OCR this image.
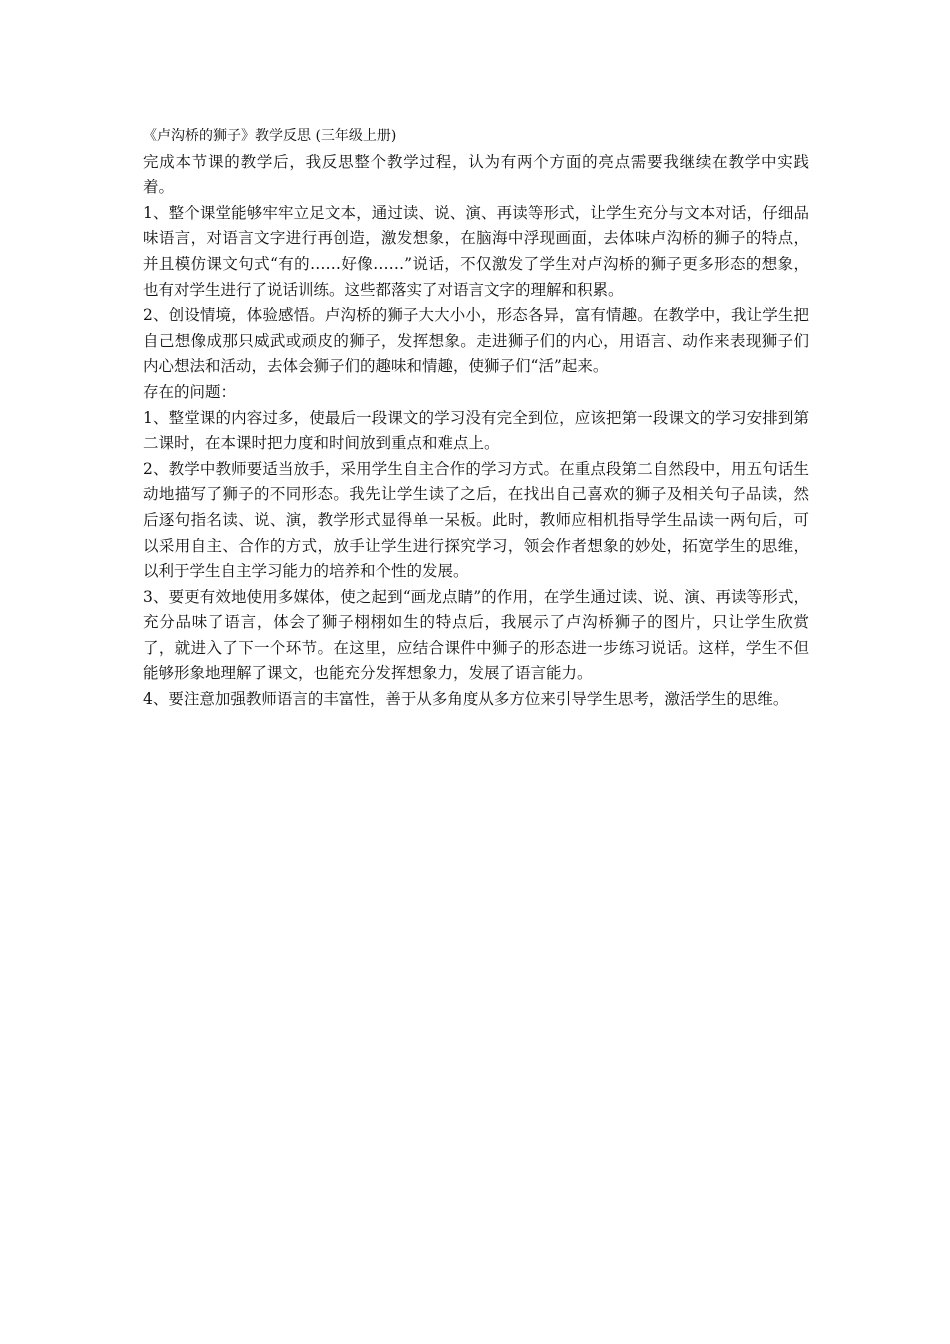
《卢沟桥的狮子》教学反思 (三年级上册)

完成本节课的教学后，我反思整个教学过程，认为有两个方面的亮点需要我继续在教学中实践着。

1、整个课堂能够牢牢立足文本，通过读、说、演、再读等形式，让学生充分与文本对话，仔细品味语言，对语言文字进行再创造，激发想象，在脑海中浮现画面，去体味卢沟桥的狮子的特点，并且模仿课文句式“有的……好像……”说话，不仅激发了学生对卢沟桥的狮子更多形态的想象，也有对学生进行了说话训练。这些都落实了对语言文字的理解和积累。

2、创设情境，体验感悟。卢沟桥的狮子大大小小，形态各异，富有情趣。在教学中，我让学生把自己想像成那只威武或顽皮的狮子，发挥想象。走进狮子们的内心，用语言、动作来表现狮子们内心想法和活动，去体会狮子们的趣味和情趣，使狮子们“活”起来。

存在的问题：

1、整堂课的内容过多，使最后一段课文的学习没有完全到位，应该把第一段课文的学习安排到第二课时，在本课时把力度和时间放到重点和难点上。

2、教学中教师要适当放手，采用学生自主合作的学习方式。在重点段第二自然段中，用五句话生动地描写了狮子的不同形态。我先让学生读了之后，在找出自己喜欢的狮子及相关句子品读，然后逐句指名读、说、演，教学形式显得单一呆板。此时，教师应相机指导学生品读一两句后，可以采用自主、合作的方式，放手让学生进行探究学习，领会作者想象的妙处，拓宽学生的思维，以利于学生自主学习能力的培养和个性的发展。

3、要更有效地使用多媒体，使之起到“画龙点睛”的作用，在学生通过读、说、演、再读等形式，充分品味了语言，体会了狮子栩栩如生的特点后，我展示了卢沟桥狮子的图片，只让学生欣赏了，就进入了下一个环节。在这里，应结合课件中狮子的形态进一步练习说话。这样，学生不但能够形象地理解了课文，也能充分发挥想象力，发展了语言能力。

4、要注意加强教师语言的丰富性，善于从多角度从多方位来引导学生思考，激活学生的思维。
